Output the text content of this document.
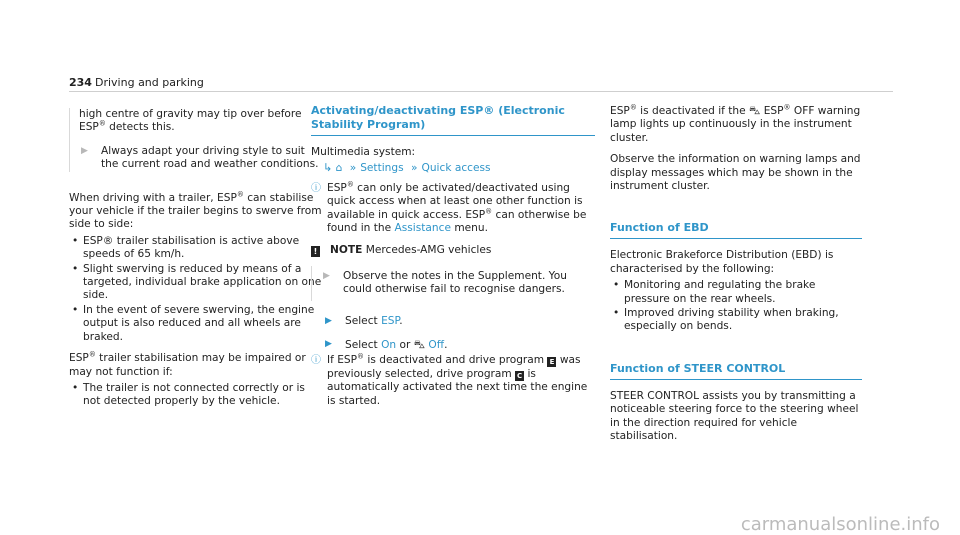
234 Driving and parking

high centre of gravity may tip over before

ESP® detects this.

▶	Always adapt your driving style to suit the current road and weather conditions.

When driving with a trailer, ESP® can stabilise your vehicle if the trailer begins to swerve from side to side:

• ESP® trailer stabilisation is active above speeds of 65 km/h.
• Slight swerving is reduced by means of a targeted, individual brake application on one side.
• In the event of severe swerving, the engine output is also reduced and all wheels are braked.

ESP® trailer stabilisation may be impaired or may not function if:

• The trailer is not connected correctly or is not detected properly by the vehicle.
Activating/deactivating ESP® (Electronic Stability Program)

Multimedia system:

↳ ⌂ » Settings » Quick access
ⓘ ESP® can only be activated/deactivated using quick access when at least one other function is available in quick access. ESP® can otherwise be found in the Assistance menu.
! NOTE Mercedes-AMG vehicles
▶	Observe the notes in the Supplement. You could otherwise fail to recognise dangers.
▶	Select ESP.
▶	Select On or ⛍ Off.
ⓘ If ESP® is deactivated and drive program E was previously selected, drive program C is automatically activated the next time the engine is started.

ESP® is deactivated if the ⛍ ESP® OFF warning lamp lights up continuously in the instrument cluster.

Observe the information on warning lamps and display messages which may be shown in the instrument cluster.

Function of EBD

Electronic Brakeforce Distribution (EBD) is characterised by the following:

• Monitoring and regulating the brake pressure on the rear wheels.
• Improved driving stability when braking, especially on bends.
Function of STEER CONTROL

STEER CONTROL assists you by transmitting a noticeable steering force to the steering wheel in the direction required for vehicle stabilisation.

carmanualsonline.info
